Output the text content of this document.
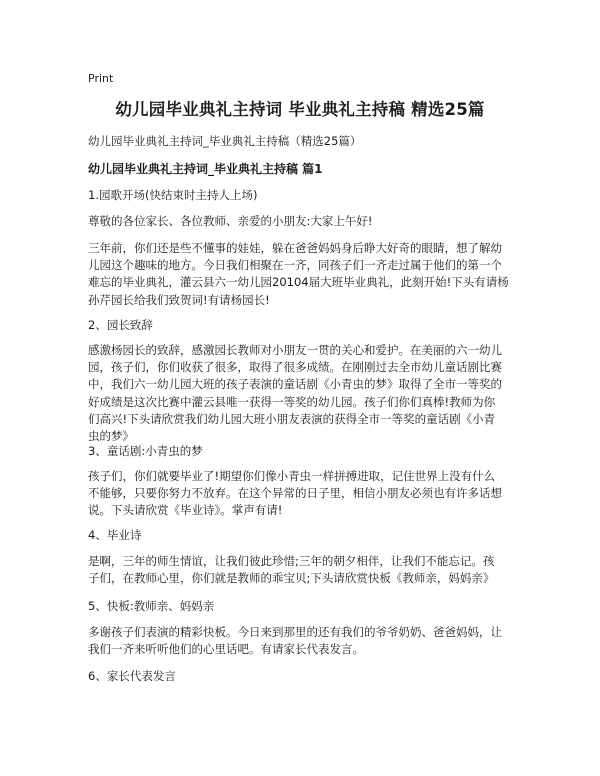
Print
幼儿园毕业典礼主持词 毕业典礼主持稿 精选25篇
幼儿园毕业典礼主持词_毕业典礼主持稿（精选25篇）
幼儿园毕业典礼主持词_毕业典礼主持稿 篇1
1.园歌开场(快结束时主持人上场)
尊敬的各位家长、各位教师、亲爱的小朋友:大家上午好!
三年前，你们还是些不懂事的娃娃，躲在爸爸妈妈身后睁大好奇的眼睛，想了解幼
儿园这个趣味的地方。今日我们相聚在一齐，同孩子们一齐走过属于他们的第一个
难忘的毕业典礼，灌云县六一幼儿园20104届大班毕业典礼，此刻开始!下头有请杨
孙芹园长给我们致贺词!有请杨园长!
2、园长致辞
感激杨园长的致辞，感激园长教师对小朋友一贯的关心和爱护。在美丽的六一幼儿
园，孩子们，你们收获了很多，取得了很多成绩。在刚刚过去全市幼儿童话剧比赛
中，我们六一幼儿园大班的孩子表演的童话剧《小青虫的梦》取得了全市一等奖的
好成绩是这次比赛中灌云县唯一获得一等奖的幼儿园。孩子们你们真棒!教师为你
们高兴!下头请欣赏我们幼儿园大班小朋友表演的获得全市一等奖的童话剧《小青
虫的梦》
3、童话剧:小青虫的梦
孩子们，你们就要毕业了!期望你们像小青虫一样拼搏进取，记住世界上没有什么
不能够，只要你努力不放弃。在这个异常的日子里，相信小朋友必须也有许多话想
说。下头请欣赏《毕业诗》。掌声有请!
4、毕业诗
是啊，三年的师生情谊，让我们彼此珍惜;三年的朝夕相伴，让我们不能忘记。孩
子们，在教师心里，你们就是教师的乖宝贝;下头请欣赏快板《教师亲，妈妈亲》
5、快板:教师亲、妈妈亲
多谢孩子们表演的精彩快板。今日来到那里的还有我们的爷爷奶奶、爸爸妈妈，让
我们一齐来听听他们的心里话吧。有请家长代表发言。
6、家长代表发言
